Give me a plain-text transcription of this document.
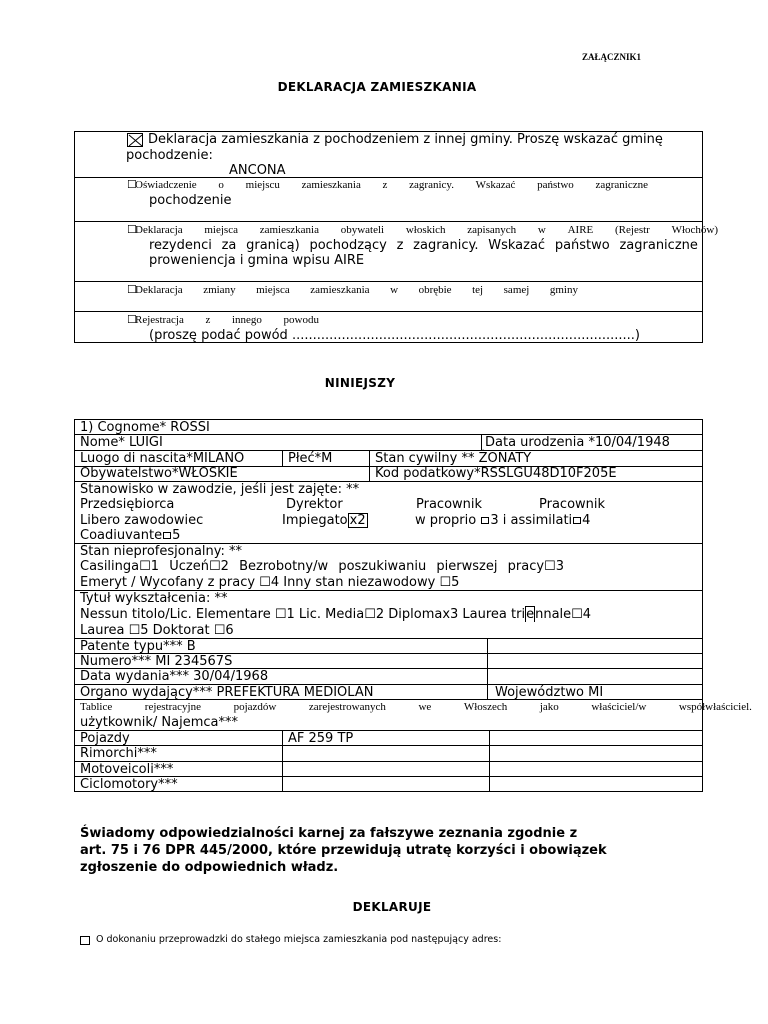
ZAŁĄCZNIK1
DEKLARACJA ZAMIESZKANIA
Deklaracja zamieszkania z pochodzeniem z innej gminy. Proszę wskazać gminę
pochodzenie:
ANCONA
☐
Oświadczenie o miejscu zamieszkania z zagranicy. Wskazać państwo zagraniczne
pochodzenie
☐
Deklaracja miejsca zamieszkania obywateli włoskich zapisanych w AIRE (Rejestr Włochów)
rezydenci za granicą) pochodzący z zagranicy. Wskazać państwo zagraniczne
proweniencja i gmina wpisu AIRE
☐
Deklaracja zmiany miejsca zamieszkania w obrębie tej samej gminy
☐
Rejestracja z innego powodu
(proszę podać powód ...................................................................................)
NINIEJSZY
1) Cognome* ROSSI
Nome* LUIGI	Data urodzenia *10/04/1948
Luogo di nascita*MILANO	Płeć*M	Stan cywilny ** ŻONATY
Obywatelstwo*WŁOSKIE	Kod podatkowy*RSSLGU48D10F205E
Stanowisko w zawodzie, jeśli jest zajęte: **
Przedsiębiorca	Dyrektor	Pracownik	Pracownik
Libero zawodowiec	Impiegato x2	w proprio 3 i assimilati 4
Coadiuvante 5
Stan nieprofesjonalny: **
Casilinga☐1 Uczeń☐2 Bezrobotny/w poszukiwaniu pierwszej pracy☐3
Emeryt / Wycofany z pracy ☐4 Inny stan niezawodowy ☐5
Tytuł wykształcenia: **
Nessun titolo/Lic. Elementare ☐1 Lic. Media☐2 Diplomax3 Laurea triennale☐4
Laurea ☐5 Doktorat ☐6
Patente typu*** B
Numero*** MI 234567S
Data wydania*** 30/04/1968
Organo wydający*** PREFEKTURA MEDIOLAN	Województwo MI
Tablice	rejestracyjne	pojazdów	zarejestrowanych	we	Włoszech	jako	właściciel/w	współwłaściciel.
użytkownik/ Najemca***
Pojazdy	AF 259 TP
Rimorchi***
Motoveicoli***
Ciclomotory***
Świadomy odpowiedzialności karnej za fałszywe zeznania zgodnie z
art. 75 i 76 DPR 445/2000, które przewidują utratę korzyści i obowiązek
zgłoszenie do odpowiednich władz.
DEKLARUJE
O dokonaniu przeprowadzki do stałego miejsca zamieszkania pod następujący adres:
